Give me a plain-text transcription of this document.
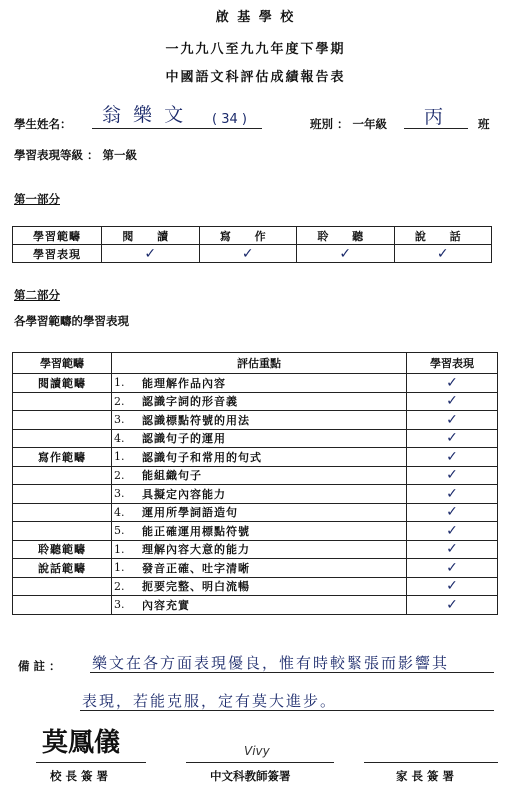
啟 基 學 校
一九九八至九九年度下學期
中國語文科評估成績報告表
學生姓名： 翁 樂 文 ( 34 )	班別 ： 一年級 丙	班
學習表現等級 ： 第一級
第一部分
學習範疇	閱 讀	寫 作	聆 聽	說 話
學習表現	✓	✓	✓	✓
第二部分
各學習範疇的學習表現
學習範疇	評估重點		學習表現
閱讀範疇	1.	能理解作品內容	✓
	2.	認識字詞的形音義	✓
	3.	認識標點符號的用法	✓
	4.	認識句子的運用	✓
寫作範疇	1.	認識句子和常用的句式	✓
	2.	能組織句子	✓
	3.	具擬定內容能力	✓
	4.	運用所學詞語造句	✓
	5.	能正確運用標點符號	✓
聆聽範疇	1.	理解內容大意的能力	✓
說話範疇	1.	發音正確、吐字清晰	✓
	2.	扼要完整、明白流暢	✓
	3.	內容充實	✓
備 註 ： 樂文在各方面表現優良，惟有時較緊張而影響其
表現，若能克服，定有莫大進步。
莫鳳儀
校 長 簽 署
Vivy
中文科教師簽署	家 長 簽 署
